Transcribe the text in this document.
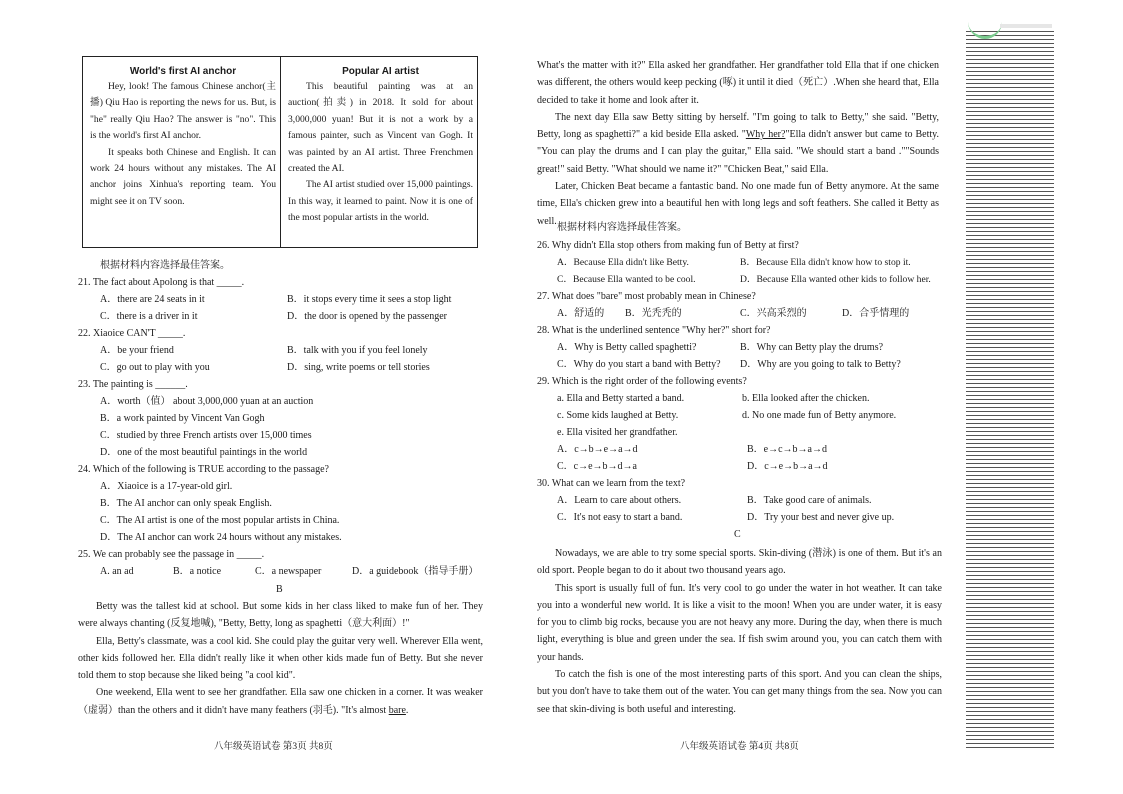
World's first AI anchor

Hey, look! The famous Chinese anchor(主播) Qiu Hao is reporting the news for us. But, is "he" really Qiu Hao? The answer is "no". This is the world's first AI anchor.

It speaks both Chinese and English. It can work 24 hours without any mistakes. The AI anchor joins Xinhua's reporting team. You might see it on TV soon.

Popular AI artist

This beautiful painting was at an auction(拍卖) in 2018. It sold for about 3,000,000 yuan! But it is not a work by a famous painter, such as Vincent van Gogh. It was painted by an AI artist. Three Frenchmen created the AI.

The AI artist studied over 15,000 paintings. In this way, it learned to paint. Now it is one of the most popular artists in the world.

根据材料内容选择最佳答案。
21. The fact about Apolong is that _____.
A．there are 24 seats in it	B．it stops every time it sees a stop light
C．there is a driver in it	D．the door is opened by the passenger
22. Xiaoice CAN'T _____.
A．be your friend	B．talk with you if you feel lonely
C．go out to play with you	D．sing, write poems or tell stories
23. The painting is ______.
A．worth（值） about 3,000,000 yuan at an auction
B．a work painted by Vincent Van Gogh
C．studied by three French artists over 15,000 times
D．one of the most beautiful paintings in the world
24. Which of the following is TRUE according to the passage?
A．Xiaoice is a 17-year-old girl.
B．The AI anchor can only speak English.
C．The AI artist is one of the most popular artists in China.
D．The AI anchor can work 24 hours without any mistakes.
25. We can probably see the passage in _____.
A. an ad	B．a notice	C．a newspaper	D．a guidebook（指导手册）
B

Betty was the tallest kid at school. But some kids in her class liked to make fun of her. They were always chanting (反复地喊), "Betty, Betty, long as spaghetti（意大利面）!"

Ella, Betty's classmate, was a cool kid. She could play the guitar very well. Wherever Ella went, other kids followed her. Ella didn't really like it when other kids made fun of Betty. But she never told them to stop because she liked being "a cool kid".

One weekend, Ella went to see her grandfather. Ella saw one chicken in a corner. It was weaker（虚弱）than the others and it didn't have many feathers (羽毛). "It's almost bare.

八年级英语试卷 第3页 共8页

What's the matter with it?" Ella asked her grandfather. Her grandfather told Ella that if one chicken was different, the others would keep pecking (啄) it until it died（死亡）.When she heard that, Ella decided to take it home and look after it.

The next day Ella saw Betty sitting by herself. "I'm going to talk to Betty," she said. "Betty, Betty, long as spaghetti?" a kid beside Ella asked. "Why her?"Ella didn't answer but came to Betty. "You can play the drums and I can play the guitar," Ella said. "We should start a band .""Sounds great!" said Betty. "What should we name it?" "Chicken Beat," said Ella.

Later, Chicken Beat became a fantastic band. No one made fun of Betty anymore. At the same time, Ella's chicken grew into a beautiful hen with long legs and soft feathers. She called it Betty as well.

根据材料内容选择最佳答案。
26. Why didn't Ella stop others from making fun of Betty at first?
A．Because Ella didn't like Betty.	B．Because Ella didn't know how to stop it.
C．Because Ella wanted to be cool.	D．Because Ella wanted other kids to follow her.
27. What does "bare" most probably mean in Chinese?
A．舒适的 B．光秃秃的	C．兴高采烈的	D．合乎情理的
28. What is the underlined sentence "Why her?" short for?
A．Why is Betty called spaghetti?	B．Why can Betty play the drums?
C．Why do you start a band with Betty? D．Why are you going to talk to Betty?
29. Which is the right order of the following events?
a. Ella and Betty started a band.	b. Ella looked after the chicken.
c. Some kids laughed at Betty.	d. No one made fun of Betty anymore.
e. Ella visited her grandfather.
A．c→b→e→a→d	B．e→c→b→a→d
C．c→e→b→d→a	D．c→e→b→a→d
30. What can we learn from the text?
A．Learn to care about others.	B．Take good care of animals.
C．It's not easy to start a band.	D．Try your best and never give up.
C

Nowadays, we are able to try some special sports. Skin-diving (潜泳) is one of them. But it's an old sport. People began to do it about two thousand years ago.

This sport is usually full of fun. It's very cool to go under the water in hot weather. It can take you into a wonderful new world. It is like a visit to the moon! When you are under water, it is easy for you to climb big rocks, because you are not heavy any more. During the day, when there is much light, everything is blue and green under the sea. If fish swim around you, you can catch them with your hands.

To catch the fish is one of the most interesting parts of this sport. And you can clean the ships, but you don't have to take them out of the water. You can get many things from the sea. Now you can see that skin-diving is both useful and interesting.

八年级英语试卷 第4页 共8页
